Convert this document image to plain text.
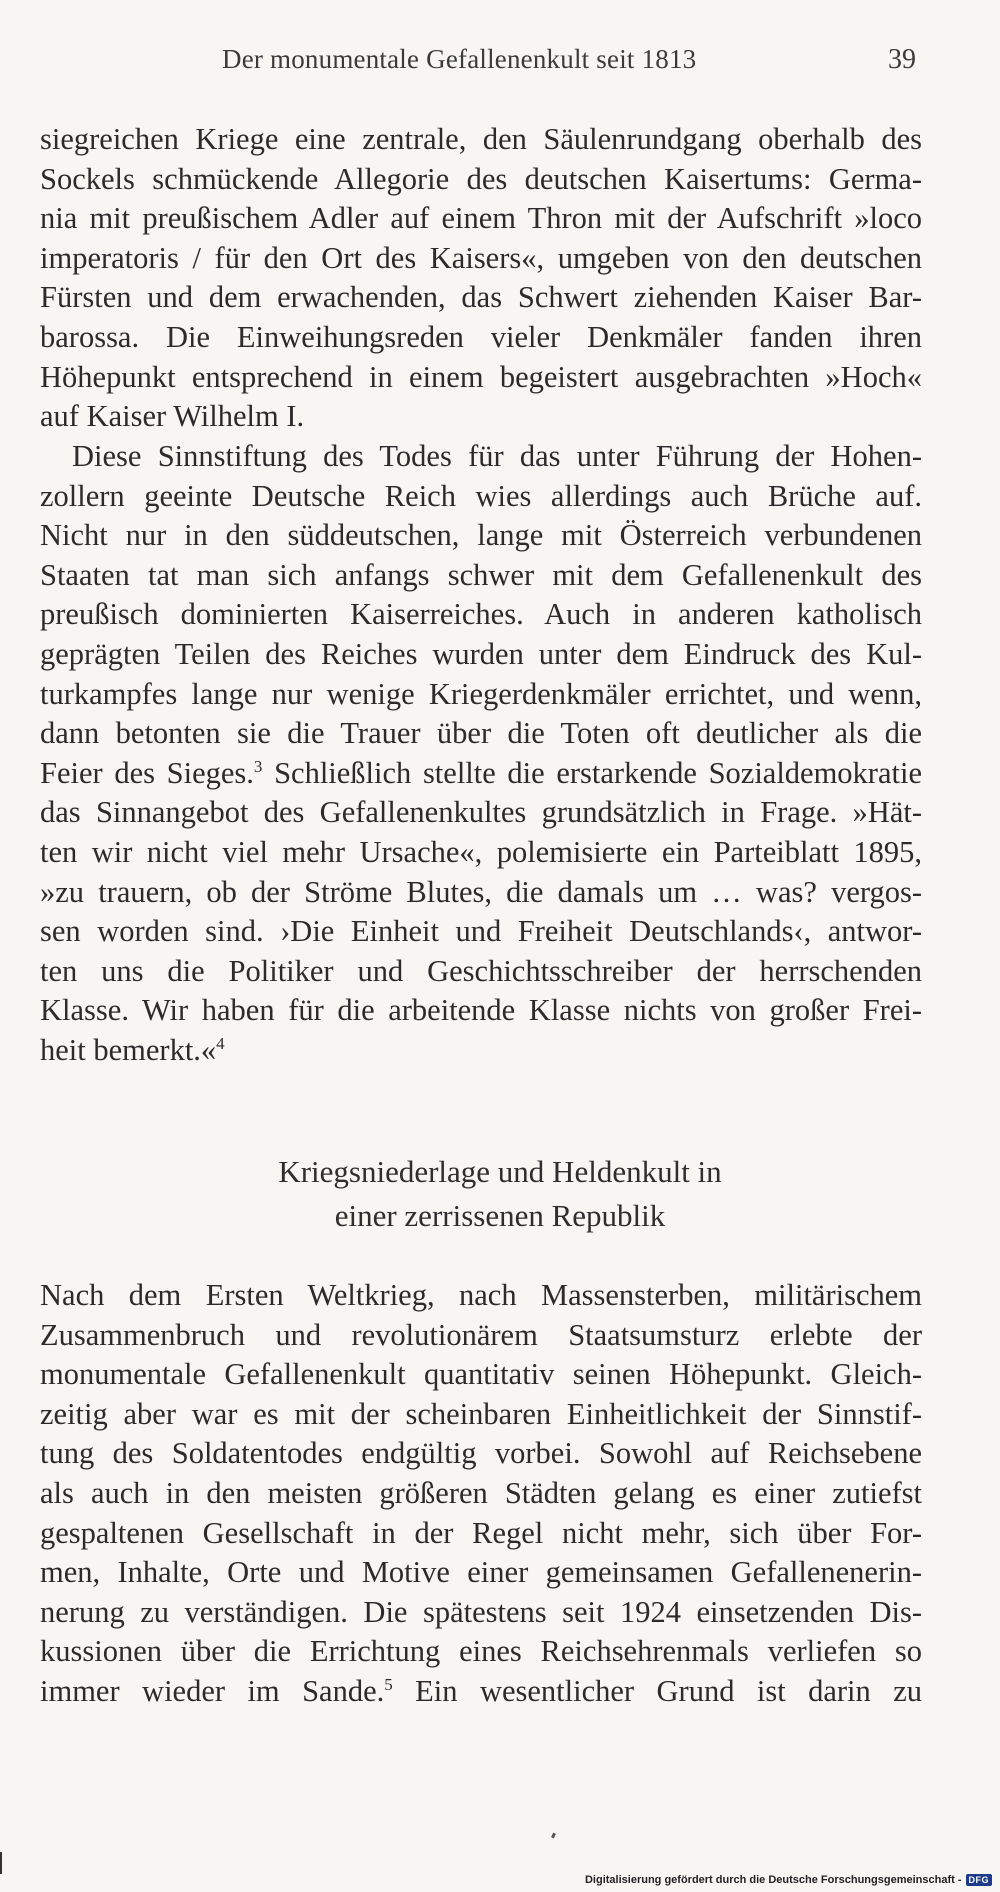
Der monumentale Gefallenenkult seit 1813	39
siegreichen Kriege eine zentrale, den Säulenrundgang oberhalb des
Sockels schmückende Allegorie des deutschen Kaisertums: Germa-
nia mit preußischem Adler auf einem Thron mit der Aufschrift »loco
imperatoris / für den Ort des Kaisers«, umgeben von den deutschen
Fürsten und dem erwachenden, das Schwert ziehenden Kaiser Bar-
barossa. Die Einweihungsreden vieler Denkmäler fanden ihren
Höhepunkt entsprechend in einem begeistert ausgebrachten »Hoch«
auf Kaiser Wilhelm I.
Diese Sinnstiftung des Todes für das unter Führung der Hohen-
zollern geeinte Deutsche Reich wies allerdings auch Brüche auf.
Nicht nur in den süddeutschen, lange mit Österreich verbundenen
Staaten tat man sich anfangs schwer mit dem Gefallenenkult des
preußisch dominierten Kaiserreiches. Auch in anderen katholisch
geprägten Teilen des Reiches wurden unter dem Eindruck des Kul-
turkampfes lange nur wenige Kriegerdenkmäler errichtet, und wenn,
dann betonten sie die Trauer über die Toten oft deutlicher als die
Feier des Sieges.$^3$ Schließlich stellte die erstarkende Sozialdemokratie
das Sinnangebot des Gefallenenkultes grundsätzlich in Frage. »Hät-
ten wir nicht viel mehr Ursache«, polemisierte ein Parteiblatt 1895,
»zu trauern, ob der Ströme Blutes, die damals um … was? vergos-
sen worden sind. ›Die Einheit und Freiheit Deutschlands‹, antwor-
ten uns die Politiker und Geschichtsschreiber der herrschenden
Klasse. Wir haben für die arbeitende Klasse nichts von großer Frei-
heit bemerkt.«$^4$
Kriegsniederlage und Heldenkult in
einer zerrissenen Republik
Nach dem Ersten Weltkrieg, nach Massensterben, militärischem
Zusammenbruch und revolutionärem Staatsumsturz erlebte der
monumentale Gefallenenkult quantitativ seinen Höhepunkt. Gleich-
zeitig aber war es mit der scheinbaren Einheitlichkeit der Sinnstif-
tung des Soldatentodes endgültig vorbei. Sowohl auf Reichsebene
als auch in den meisten größeren Städten gelang es einer zutiefst
gespaltenen Gesellschaft in der Regel nicht mehr, sich über For-
men, Inhalte, Orte und Motive einer gemeinsamen Gefallenenerin-
nerung zu verständigen. Die spätestens seit 1924 einsetzenden Dis-
kussionen über die Errichtung eines Reichsehrenmals verliefen so
immer wieder im Sande.$^5$ Ein wesentlicher Grund ist darin zu
Digitalisierung gefördert durch die Deutsche Forschungsgemeinschaft - DFG
